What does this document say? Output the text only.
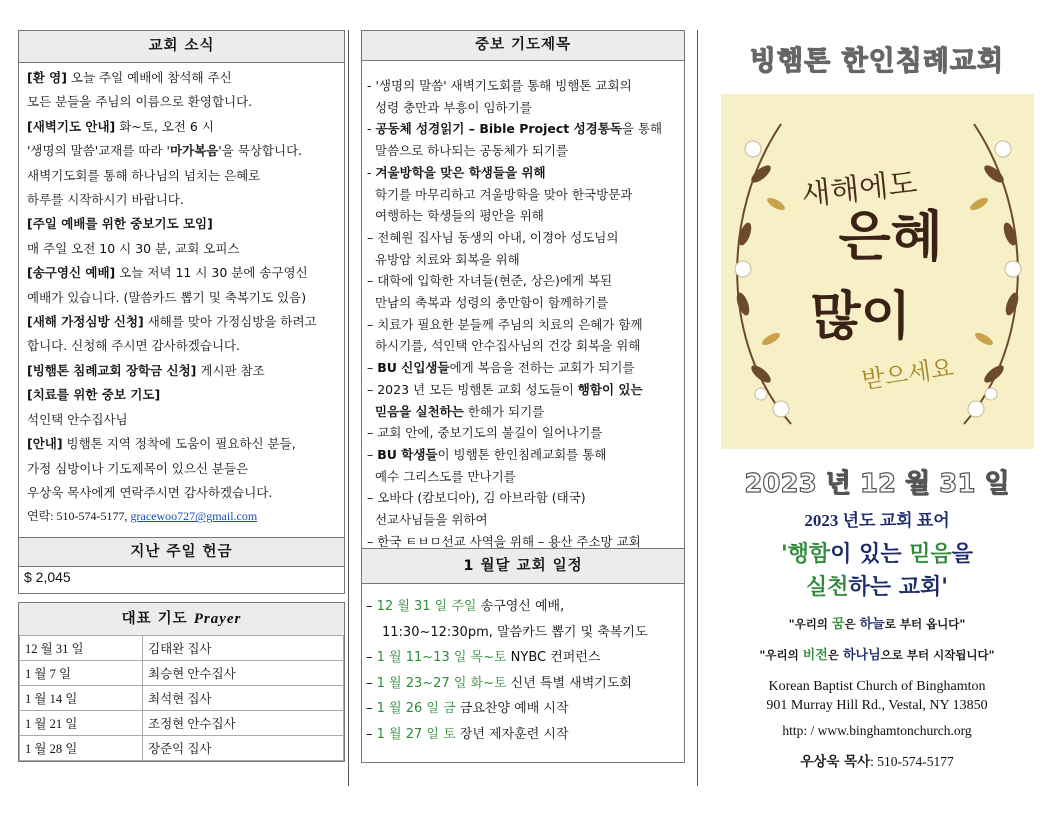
교회 소식
[환 영] 오늘 주일 예배에 참석해 주신
모든 분들을 주님의 이름으로 환영합니다.
[새벽기도 안내] 화~토, 오전 6 시
'생명의 말씀'교재를 따라 '마가복음'을 묵상합니다.
새벽기도회를 통해 하나님의 넘치는 은혜로
하루를 시작하시기 바랍니다.
[주일 예배를 위한 중보기도 모임]
매 주일 오전 10 시 30 분, 교회 오피스
[송구영신 예배] 오늘 저녁 11 시 30 분에 송구영신
예배가 있습니다. (말씀카드 뽑기 및 축복기도 있음)
[새해 가정심방 신청] 새해를 맞아 가정심방을 하려고
합니다. 신청해 주시면 감사하겠습니다.
[빙햄톤 침례교회 장학금 신청] 게시판 참조
[치료를 위한 중보 기도]
석인택 안수집사님
[안내] 빙햄톤 지역 정착에 도움이 필요하신 분들,
가정 심방이나 기도제목이 있으신 분들은
우상욱 목사에게 연락주시면 감사하겠습니다.
연락: 510-574-5177, gracewoo727@gmail.com
지난 주일 헌금
$ 2,045
대표 기도 Prayer
12 월 31 일	김태완 집사
1 월 7 일	최승현 안수집사
1 월 14 일	최석현 집사
1 월 21 일	조정현 안수집사
1 월 28 일	장준익 집사
중보 기도제목
- '생명의 말씀' 새벽기도회를 통해 빙햄톤 교회의
성령 충만과 부흥이 임하기를
- 공동체 성경읽기 – Bible Project 성경통독을 통해
말씀으로 하나되는 공동체가 되기를
- 겨울방학을 맞은 학생들을 위해
학기를 마무리하고 겨울방학을 맞아 한국방문과
여행하는 학생들의 평안을 위해
– 전혜원 집사님 동생의 아내, 이경아 성도님의
유방암 치료와 회복을 위해
– 대학에 입학한 자녀들(현준, 상은)에게 복된
만남의 축복과 성령의 충만함이 함께하기를
– 치료가 필요한 분들께 주님의 치료의 은혜가 함께
하시기를, 석인택 안수집사님의 건강 회복을 위해
– BU 신입생들에게 복음을 전하는 교회가 되기를
– 2023 년 모든 빙햄톤 교회 성도들이 행함이 있는
믿음을 실천하는 한해가 되기를
– 교회 안에, 중보기도의 불길이 일어나기를
– BU 학생들이 빙햄톤 한인침례교회를 통해
예수 그리스도를 만나기를
– 오바다 (캄보디아), 김 아브라함 (태국)
선교사님들을 위하여
– 한국 ㅌㅂㅁ선교 사역을 위해 – 용산 주소망 교회
1 월달 교회 일정
– 12 월 31 일 주일 송구영신 예배,
11:30~12:30pm, 말씀카드 뽑기 및 축복기도
– 1 월 11~13 일 목~토 NYBC 컨퍼런스
– 1 월 23~27 일 화~토 신년 특별 새벽기도회
– 1 월 26 일 금 금요찬양 예배 시작
– 1 월 27 일 토 장년 제자훈련 시작
빙햄톤 한인침례교회
새해에도
은혜
많이
받으세요
2023 년 12 월 31 일
2023 년도 교회 표어
'행함이 있는 믿음을
실천하는 교회'
"우리의 꿈은 하늘로 부터 옵니다"
"우리의 비전은 하나님으로 부터 시작됩니다"
Korean Baptist Church of Binghamton
901 Murray Hill Rd., Vestal, NY 13850
http: / www.binghamtonchurch.org
우상욱 목사: 510-574-5177
